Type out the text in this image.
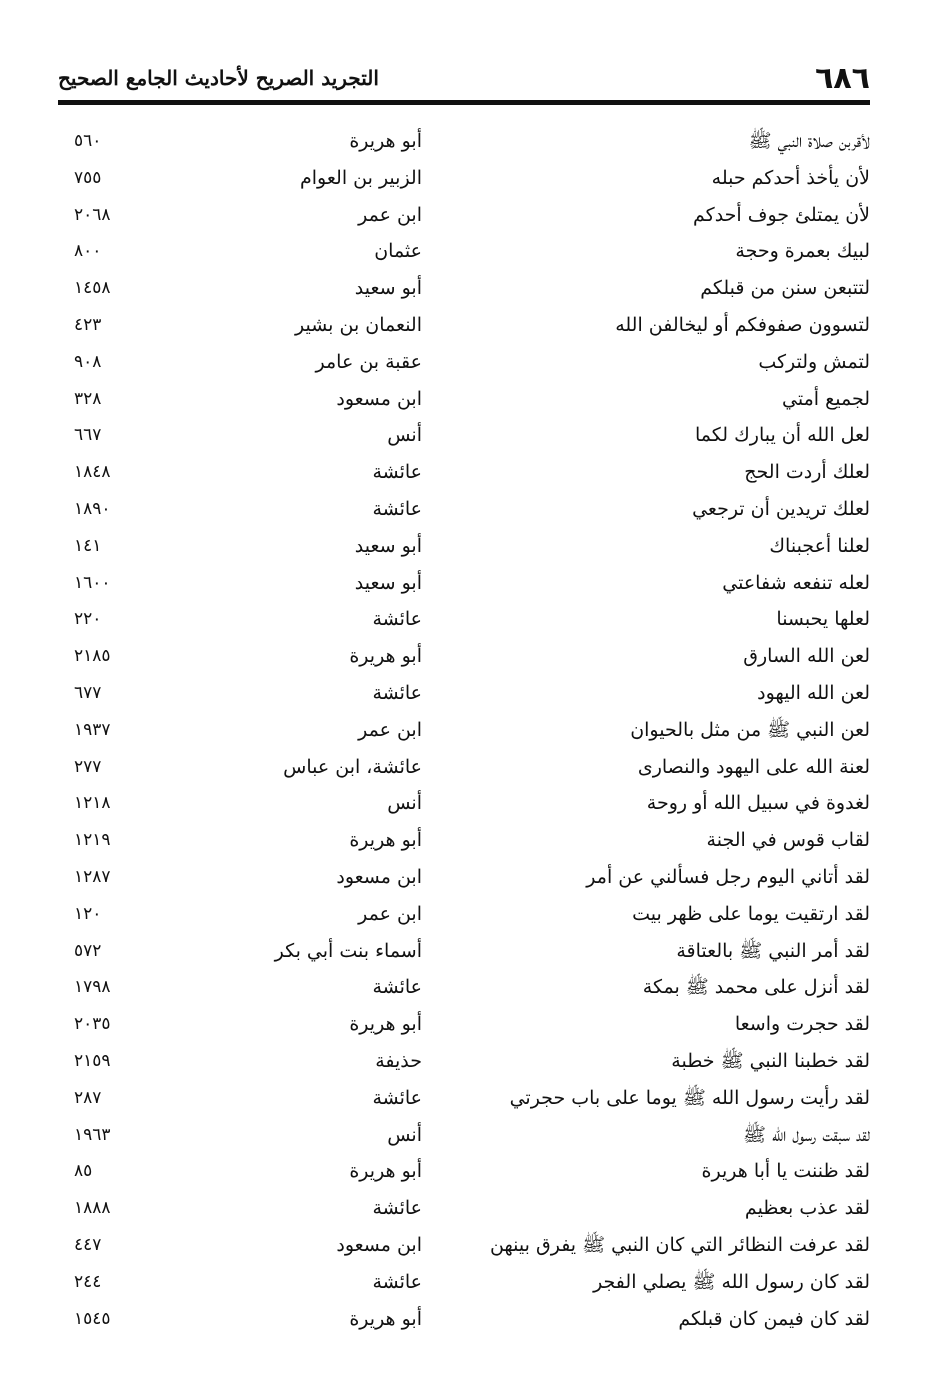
التجريد الصريح لأحاديث الجامع الصحيح	٦٨٦
لأقربن صلاة النبي ﷺ
أبو هريرة
٥٦٠
لأن يأخذ أحدكم حبله
الزبير بن العوام
٧٥٥
لأن يمتلئ جوف أحدكم
ابن عمر
٢٠٦٨
لبيك بعمرة وحجة
عثمان
٨٠٠
لتتبعن سنن من قبلكم
أبو سعيد
١٤٥٨
لتسوون صفوفكم أو ليخالفن الله
النعمان بن بشير
٤٢٣
لتمش ولتركب
عقبة بن عامر
٩٠٨
لجميع أمتي
ابن مسعود
٣٢٨
لعل الله أن يبارك لكما
أنس
٦٦٧
لعلك أردت الحج
عائشة
١٨٤٨
لعلك تريدين أن ترجعي
عائشة
١٨٩٠
لعلنا أعجبناك
أبو سعيد
١٤١
لعله تنفعه شفاعتي
أبو سعيد
١٦٠٠
لعلها يحبسنا
عائشة
٢٢٠
لعن الله السارق
أبو هريرة
٢١٨٥
لعن الله اليهود
عائشة
٦٧٧
لعن النبي ﷺ من مثل بالحيوان
ابن عمر
١٩٣٧
لعنة الله على اليهود والنصارى
عائشة، ابن عباس
٢٧٧
لغدوة في سبيل الله أو روحة
أنس
١٢١٨
لقاب قوس في الجنة
أبو هريرة
١٢١٩
لقد أتاني اليوم رجل فسألني عن أمر
ابن مسعود
١٢٨٧
لقد ارتقيت يوما على ظهر بيت
ابن عمر
١٢٠
لقد أمر النبي ﷺ بالعتاقة
أسماء بنت أبي بكر
٥٧٢
لقد أنزل على محمد ﷺ بمكة
عائشة
١٧٩٨
لقد حجرت واسعا
أبو هريرة
٢٠٣٥
لقد خطبنا النبي ﷺ خطبة
حذيفة
٢١٥٩
لقد رأيت رسول الله ﷺ يوما على باب حجرتي
عائشة
٢٨٧
لقد سبقت رسول الله ﷺ
أنس
١٩٦٣
لقد ظننت يا أبا هريرة
أبو هريرة
٨٥
لقد عذب بعظيم
عائشة
١٨٨٨
لقد عرفت النظائر التي كان النبي ﷺ يفرق بينهن
ابن مسعود
٤٤٧
لقد كان رسول الله ﷺ يصلي الفجر
عائشة
٢٤٤
لقد كان فيمن كان قبلكم
أبو هريرة
١٥٤٥
